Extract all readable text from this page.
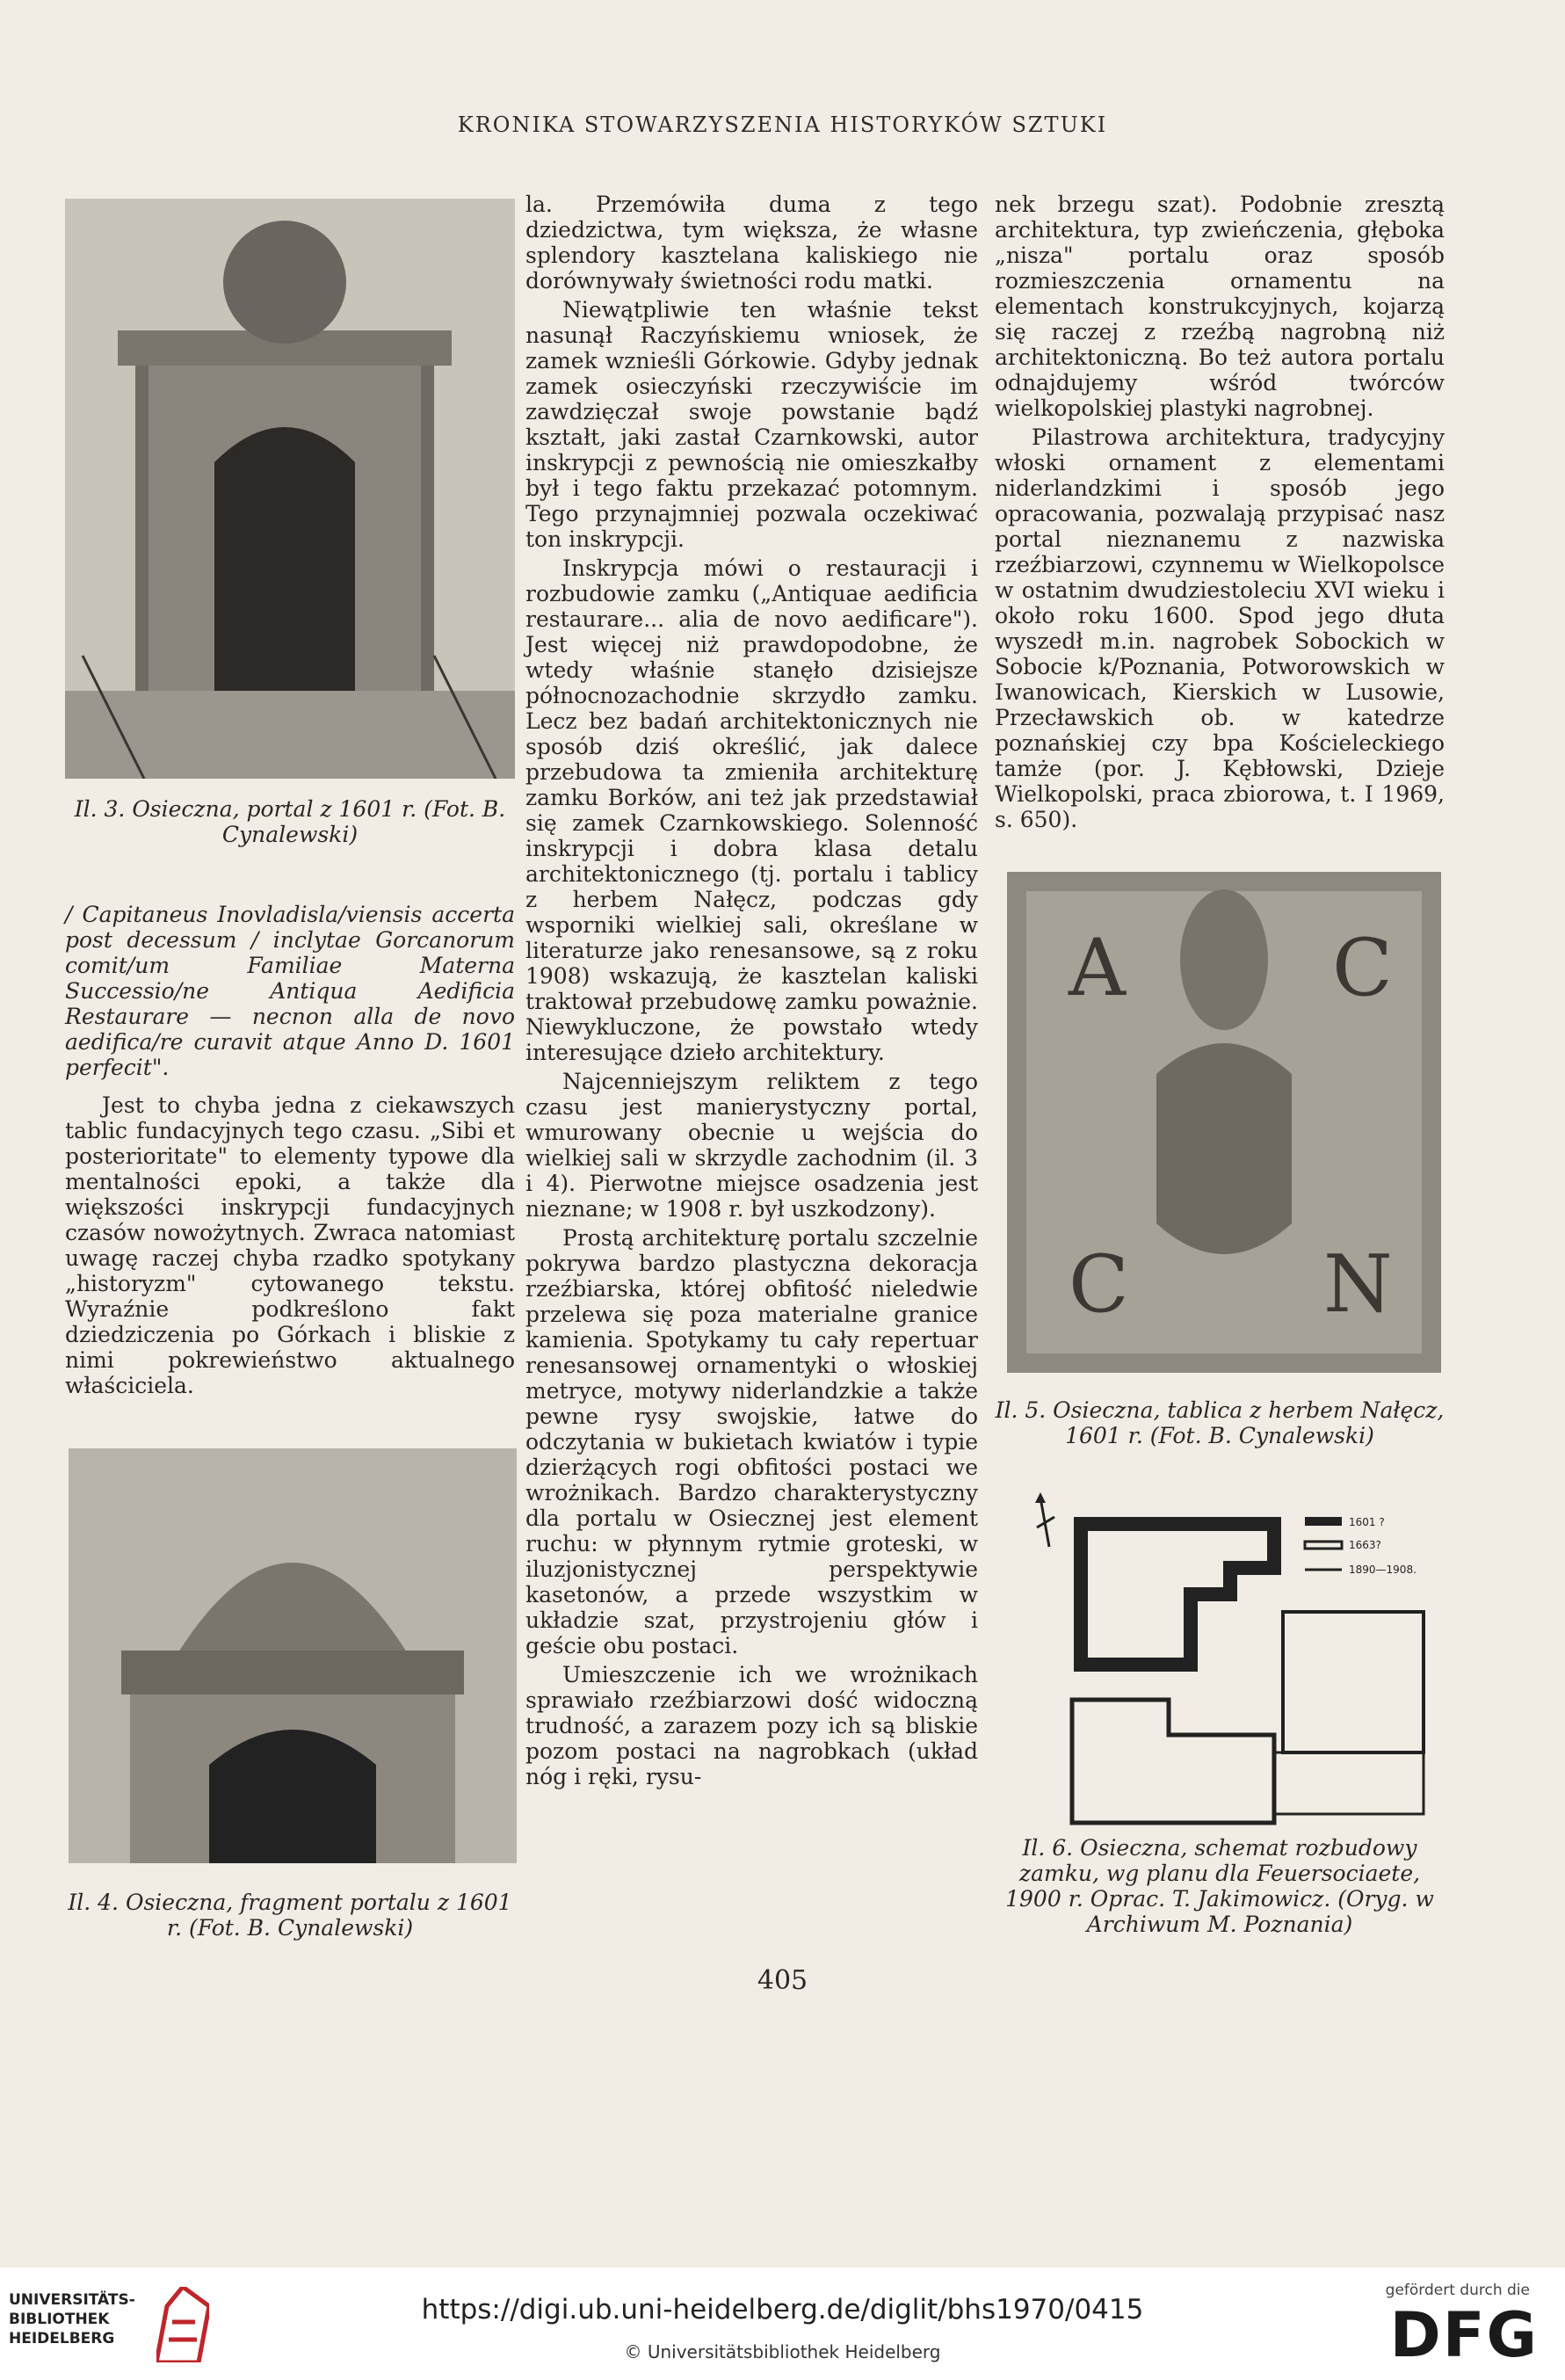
KRONIKA STOWARZYSZENIA HISTORYKÓW SZTUKI
Il. 3. Osieczna, portal z 1601 r. (Fot. B. Cynalewski)

/ Capitaneus Inovladisla/viensis accerta post decessum / inclytae Gorcanorum comit/um Familiae Materna Successio/ne Antiqua Aedificia Restaurare — necnon alla de novo aedifica/re curavit atque Anno D. 1601 perfecit".

Jest to chyba jedna z ciekawszych tablic fundacyjnych tego czasu. „Sibi et posterioritate" to elementy typowe dla mentalności epoki, a także dla większości inskrypcji fundacyjnych czasów nowożytnych. Zwraca natomiast uwagę raczej chyba rzadko spotykany „historyzm" cytowanego tekstu. Wyraźnie podkreślono fakt dziedziczenia po Górkach i bliskie z nimi pokrewieństwo aktualnego właściciela.

Il. 4. Osieczna, fragment portalu z 1601 r. (Fot. B. Cynalewski)

la. Przemówiła duma z tego dziedzictwa, tym większa, że własne splendory kasztelana kaliskiego nie dorównywały świetności rodu matki.

Niewątpliwie ten właśnie tekst nasunął Raczyńskiemu wniosek, że zamek wznieśli Górkowie. Gdyby jednak zamek osieczyński rzeczywiście im zawdzięczał swoje powstanie bądź kształt, jaki zastał Czarnkowski, autor inskrypcji z pewnością nie omieszkałby był i tego faktu przekazać potomnym. Tego przynajmniej pozwala oczekiwać ton inskrypcji.

Inskrypcja mówi o restauracji i rozbudowie zamku („Antiquae aedificia restaurare... alia de novo aedificare"). Jest więcej niż prawdopodobne, że wtedy właśnie stanęło dzisiejsze północnozachodnie skrzydło zamku. Lecz bez badań architektonicznych nie sposób dziś określić, jak dalece przebudowa ta zmieniła architekturę zamku Borków, ani też jak przedstawiał się zamek Czarnkowskiego. Solenność inskrypcji i dobra klasa detalu architektonicznego (tj. portalu i tablicy z herbem Nałęcz, podczas gdy wsporniki wielkiej sali, określane w literaturze jako renesansowe, są z roku 1908) wskazują, że kasztelan kaliski traktował przebudowę zamku poważnie. Niewykluczone, że powstało wtedy interesujące dzieło architektury.

Najcenniejszym reliktem z tego czasu jest manierystyczny portal, wmurowany obecnie u wejścia do wielkiej sali w skrzydle zachodnim (il. 3 i 4). Pierwotne miejsce osadzenia jest nieznane; w 1908 r. był uszkodzony).

Prostą architekturę portalu szczelnie pokrywa bardzo plastyczna dekoracja rzeźbiarska, której obfitość nieledwie przelewa się poza materialne granice kamienia. Spotykamy tu cały repertuar renesansowej ornamentyki o włoskiej metryce, motywy niderlandzkie a także pewne rysy swojskie, łatwe do odczytania w bukietach kwiatów i typie dzierżących rogi obfitości postaci we wrożnikach. Bardzo charakterystyczny dla portalu w Osiecznej jest element ruchu: w płynnym rytmie groteski, w iluzjonistycznej perspektywie kasetonów, a przede wszystkim w układzie szat, przystrojeniu głów i geście obu postaci.

Umieszczenie ich we wrożnikach sprawiało rzeźbiarzowi dość widoczną trudność, a zarazem pozy ich są bliskie pozom postaci na nagrobkach (układ nóg i ręki, rysu-

nek brzegu szat). Podobnie zresztą architektura, typ zwieńczenia, głęboka „nisza" portalu oraz sposób rozmieszczenia ornamentu na elementach konstrukcyjnych, kojarzą się raczej z rzeźbą nagrobną niż architektoniczną. Bo też autora portalu odnajdujemy wśród twórców wielkopolskiej plastyki nagrobnej.

Pilastrowa architektura, tradycyjny włoski ornament z elementami niderlandzkimi i sposób jego opracowania, pozwalają przypisać nasz portal nieznanemu z nazwiska rzeźbiarzowi, czynnemu w Wielkopolsce w ostatnim dwudziestoleciu XVI wieku i około roku 1600. Spod jego dłuta wyszedł m.in. nagrobek Sobockich w Sobocie k/Poznania, Potworowskich w Iwanowicach, Kierskich w Lusowie, Przecławskich ob. w katedrze poznańskiej czy bpa Kościeleckiego tamże (por. J. Kębłowski, Dzieje Wielkopolski, praca zbiorowa, t. I 1969, s. 650).

A	C
C N
Il. 5. Osieczna, tablica z herbem Nałęcz, 1601 r. (Fot. B. Cynalewski)
1601 ?
1663?
1890—1908.
Il. 6. Osieczna, schemat rozbudowy zamku, wg planu dla Feuersociaete, 1900 r. Oprac. T. Jakimowicz. (Oryg. w Archiwum M. Poznania)
405
UNIVERSITÄTS-
BIBLIOTHEK
HEIDELBERG
https://digi.ub.uni-heidelberg.de/diglit/bhs1970/0415
© Universitätsbibliothek Heidelberg
gefördert durch die
DFG
